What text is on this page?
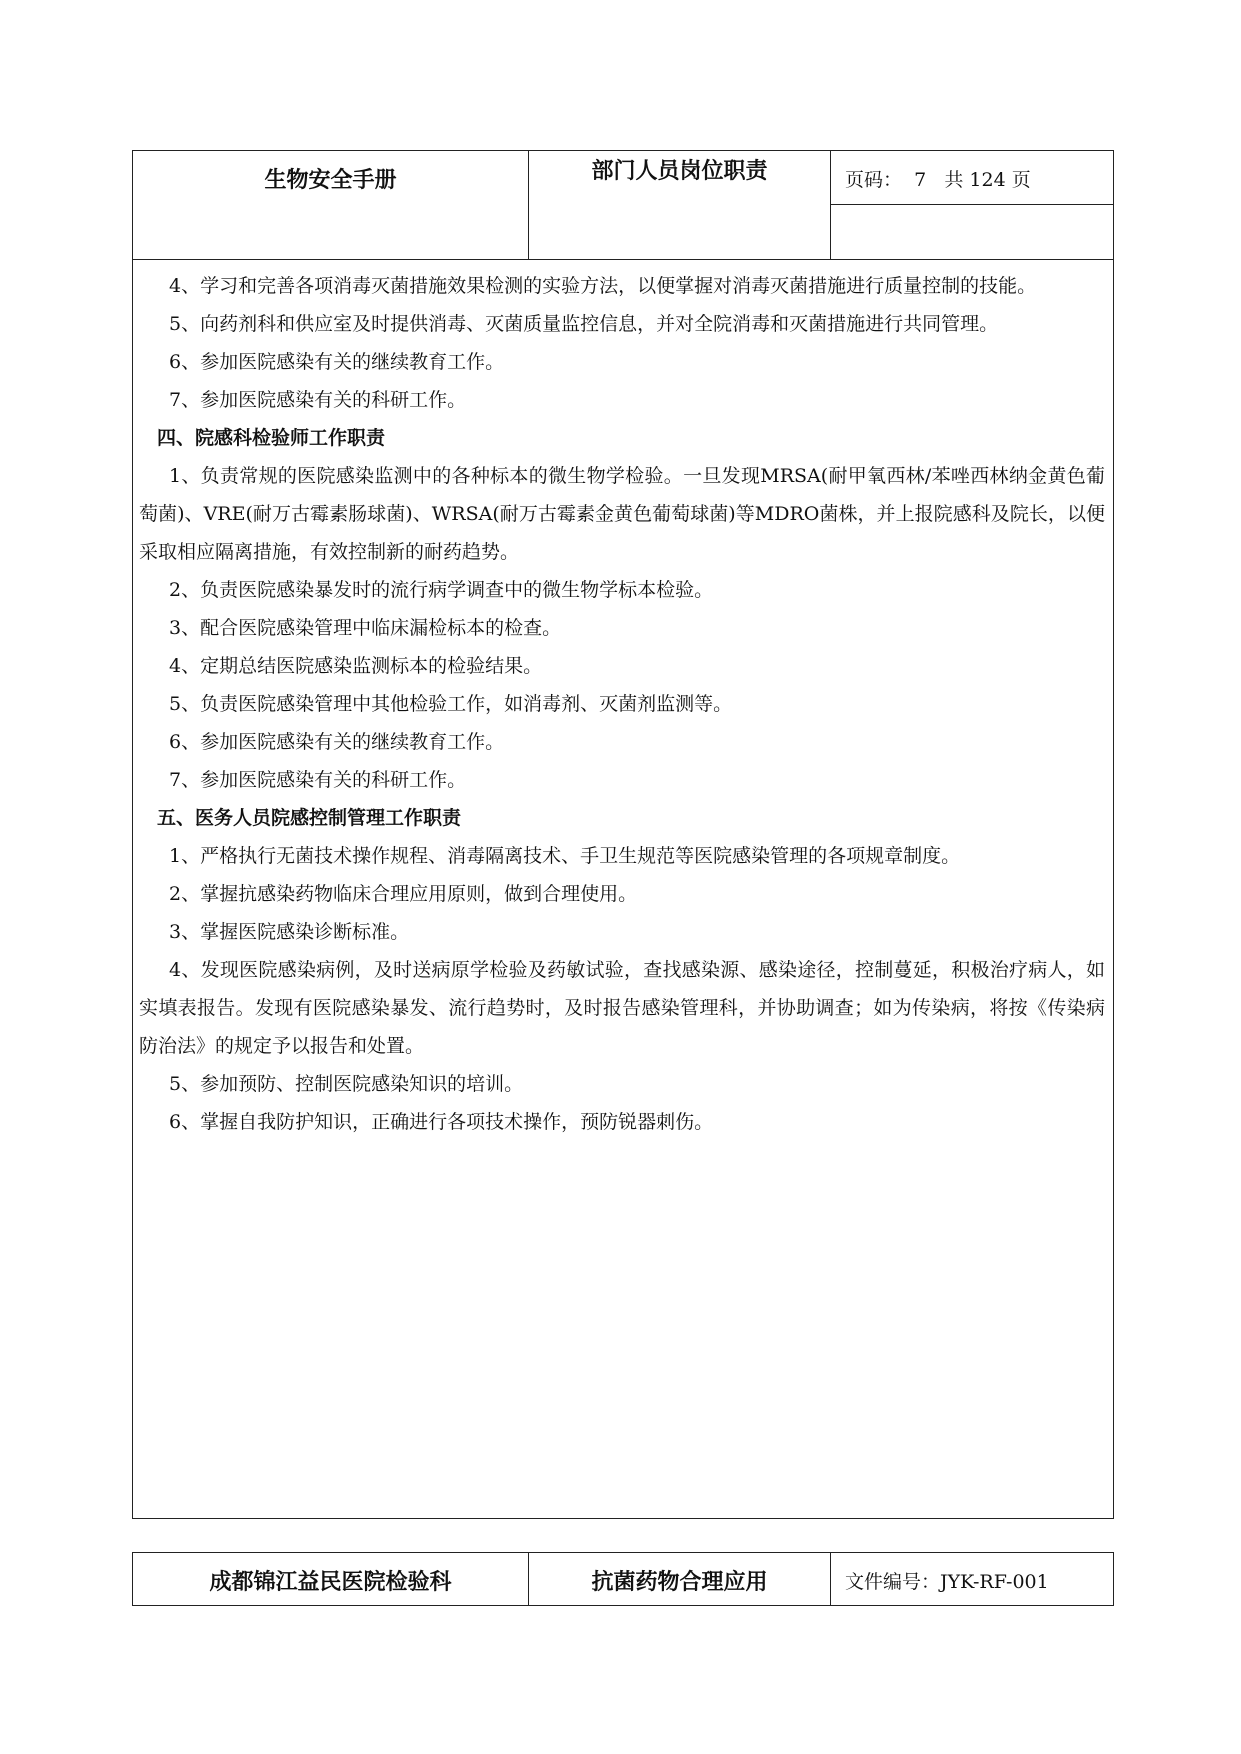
生物安全手册	部门人员岗位职责	页码： 7 共 124 页

4、学习和完善各项消毒灭菌措施效果检测的实验方法，以便掌握对消毒灭菌措施进行质量控制的技能。

5、向药剂科和供应室及时提供消毒、灭菌质量监控信息，并对全院消毒和灭菌措施进行共同管理。

6、参加医院感染有关的继续教育工作。

7、参加医院感染有关的科研工作。

四、院感科检验师工作职责

1、负责常规的医院感染监测中的各种标本的微生物学检验。一旦发现MRSA(耐甲氧西林/苯唑西林纳金黄色葡萄菌)、VRE(耐万古霉素肠球菌)、WRSA(耐万古霉素金黄色葡萄球菌)等MDRO菌株，并上报院感科及院长，以便采取相应隔离措施，有效控制新的耐药趋势。

2、负责医院感染暴发时的流行病学调查中的微生物学标本检验。

3、配合医院感染管理中临床漏检标本的检查。

4、定期总结医院感染监测标本的检验结果。

5、负责医院感染管理中其他检验工作，如消毒剂、灭菌剂监测等。

6、参加医院感染有关的继续教育工作。

7、参加医院感染有关的科研工作。

五、医务人员院感控制管理工作职责

1、严格执行无菌技术操作规程、消毒隔离技术、手卫生规范等医院感染管理的各项规章制度。

2、掌握抗感染药物临床合理应用原则，做到合理使用。

3、掌握医院感染诊断标准。

4、发现医院感染病例，及时送病原学检验及药敏试验，查找感染源、感染途径，控制蔓延，积极治疗病人，如实填表报告。发现有医院感染暴发、流行趋势时，及时报告感染管理科，并协助调查；如为传染病，将按《传染病防治法》的规定予以报告和处置。

5、参加预防、控制医院感染知识的培训。

6、掌握自我防护知识，正确进行各项技术操作，预防锐器刺伤。

成都锦江益民医院检验科	抗菌药物合理应用	文件编号：JYK-RF-001
